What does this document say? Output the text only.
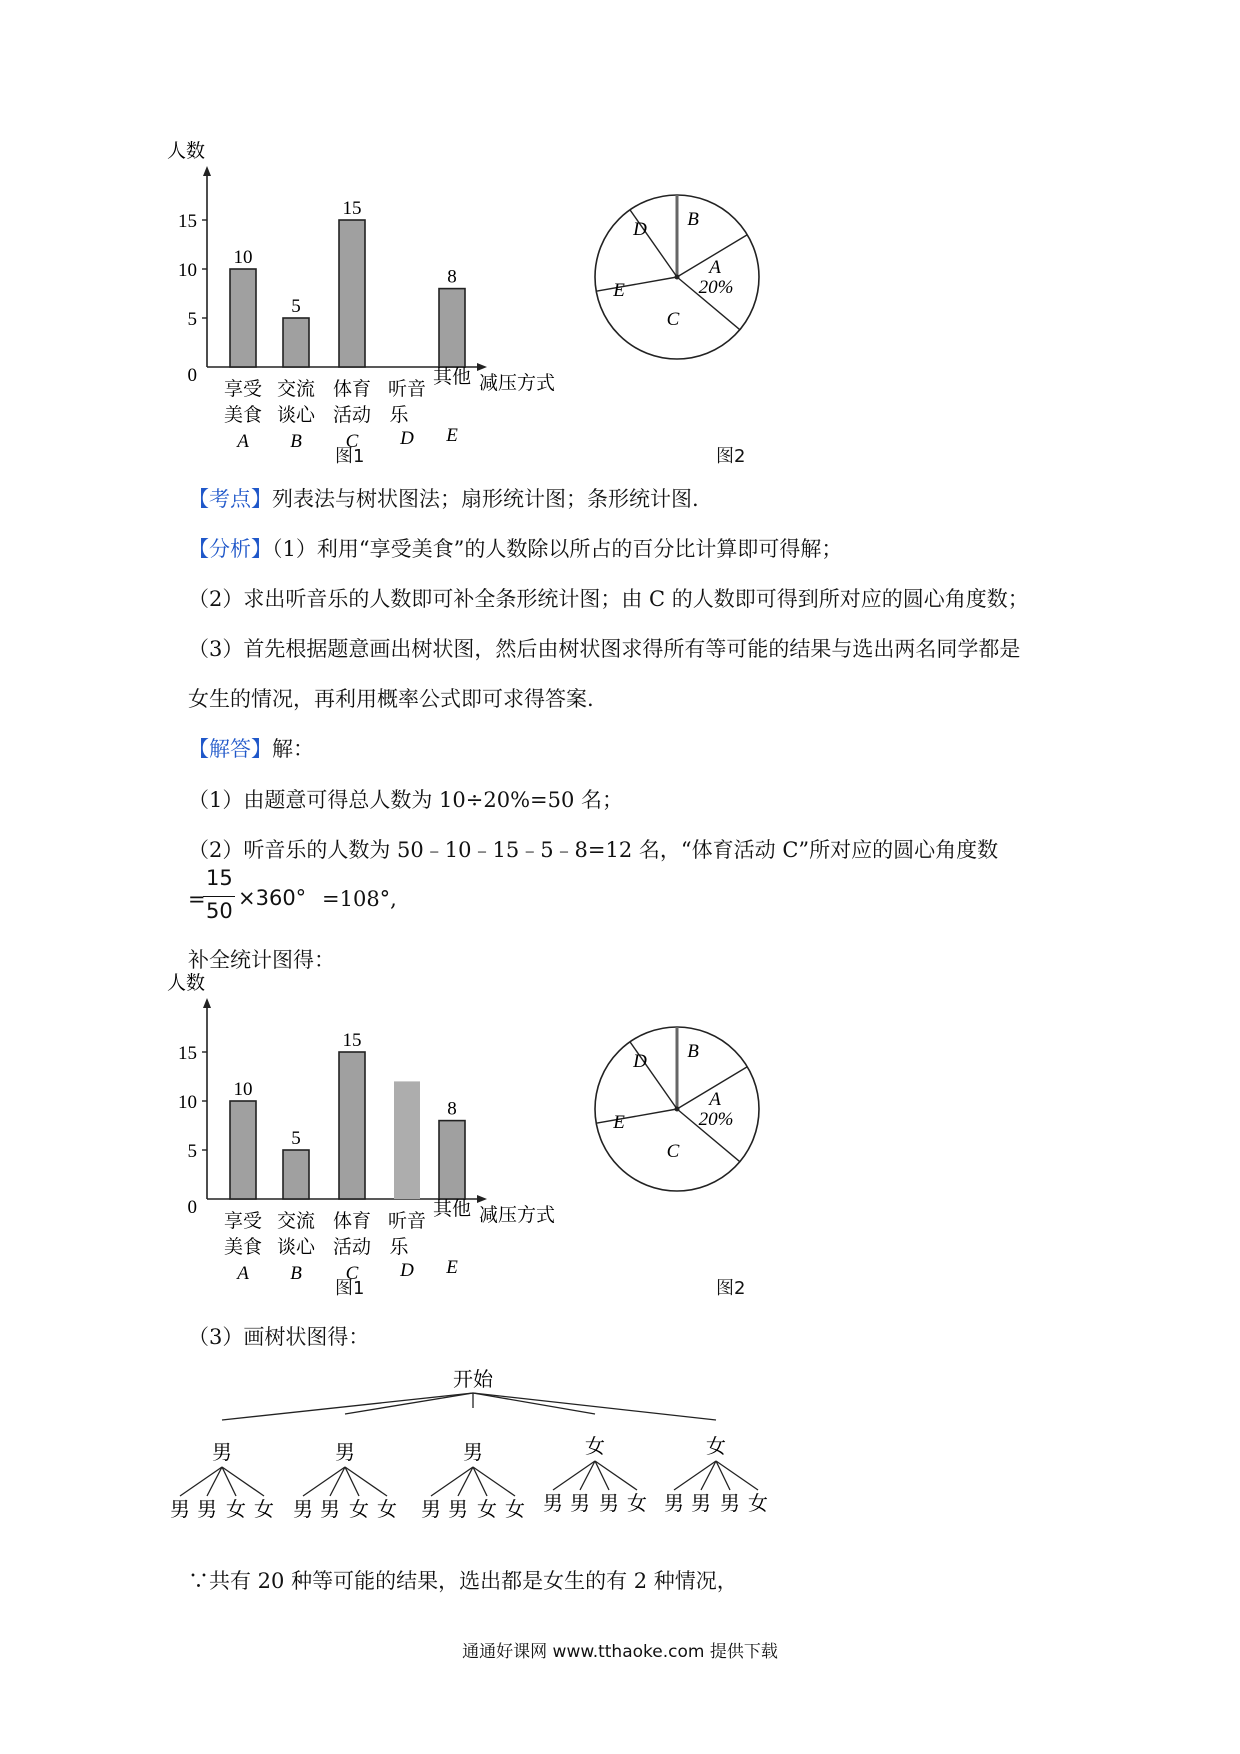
人数
减压方式
15
10
5
0
10
5
15
8
享受
美食
A
交流
谈心
B
体育
活动
C
听音
乐
D
其他
E
B
D
A
20%
E
C
图1	图2
【考点】列表法与树状图法；扇形统计图；条形统计图.
【分析】（1）利用“享受美食”的人数除以所占的百分比计算即可得解；
（2）求出听音乐的人数即可补全条形统计图；由 C 的人数即可得到所对应的圆心角度数；
（3）首先根据题意画出树状图，然后由树状图求得所有等可能的结果与选出两名同学都是
女生的情况，再利用概率公式即可求得答案.
【解答】解：
（1）由题意可得总人数为 10÷20%=50 名；
（2）听音乐的人数为 50﹣10﹣15﹣5﹣8=12 名，“体育活动 C”所对应的圆心角度数
=
15
50
×360° =108°,
补全统计图得：
人数
减压方式
15
10
5
0
10
5
15
8
享受
美食
A
交流
谈心
B
体育
活动
C
听音
乐
D
其他
E
B
D
A
20%
E
C
图1	图2
（3）画树状图得：
开始
男
男 男 女 女
男
男 男 女 女
男
男 男 女 女
女
男 男 男 女
女
男 男 男 女
∵共有 20 种等可能的结果，选出都是女生的有 2 种情况，
通通好课网 www.tthaoke.com 提供下载
